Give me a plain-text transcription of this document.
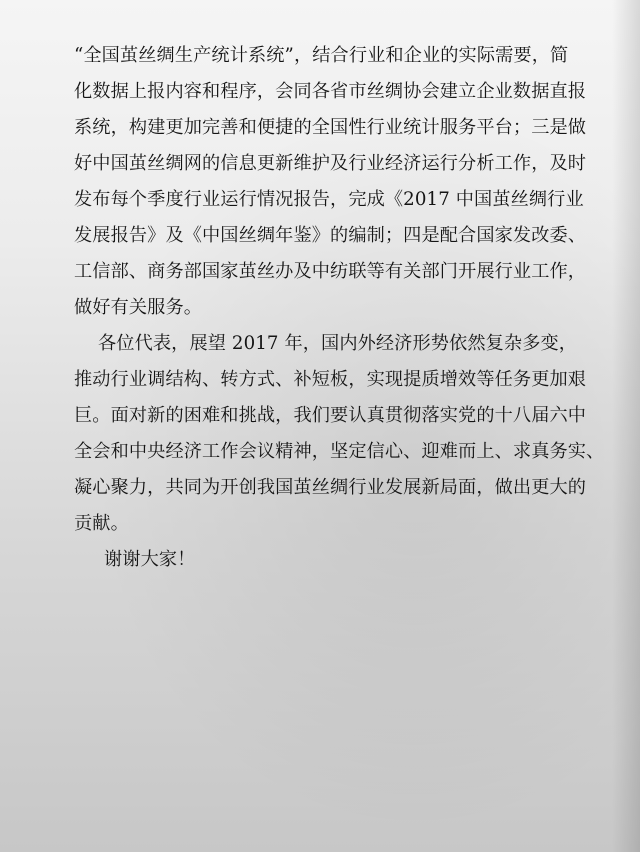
“全国茧丝绸生产统计系统”，结合行业和企业的实际需要，简
化数据上报内容和程序，会同各省市丝绸协会建立企业数据直报
系统，构建更加完善和便捷的全国性行业统计服务平台；三是做
好中国茧丝绸网的信息更新维护及行业经济运行分析工作，及时
发布每个季度行业运行情况报告，完成《2017 中国茧丝绸行业
发展报告》及《中国丝绸年鉴》的编制；四是配合国家发改委、
工信部、商务部国家茧丝办及中纺联等有关部门开展行业工作，
做好有关服务。
各位代表，展望 2017 年，国内外经济形势依然复杂多变，
推动行业调结构、转方式、补短板，实现提质增效等任务更加艰
巨。面对新的困难和挑战，我们要认真贯彻落实党的十八届六中
全会和中央经济工作会议精神，坚定信心、迎难而上、求真务实、
凝心聚力，共同为开创我国茧丝绸行业发展新局面，做出更大的
贡献。
谢谢大家！
